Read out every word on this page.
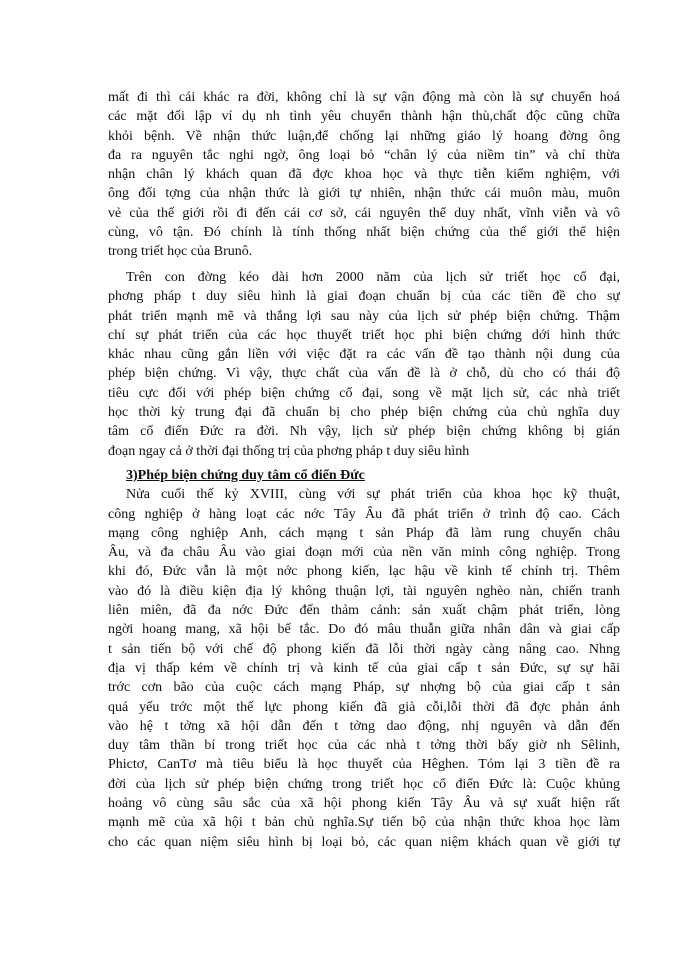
mất đi thì cái khác ra đời, không chỉ là sự vận động mà còn là sự chuyển hoá
các mặt đối lập ví dụ nh tình yêu chuyển thành hận thù,chất độc cũng chữa
khỏi bệnh. Về nhận thức luận,để chống lại những giáo lý hoang đờng ông
đa ra nguyên tắc nghi ngờ, ông loại bỏ “chân lý của niềm tin” và chỉ thừa
nhận chân lý khách quan đã đợc khoa học và thực tiễn kiểm nghiệm, với
ông đối tợng của nhận thức là giới tự nhiên, nhận thức cái muôn màu, muôn
vẻ của thế giới rồi đi đến cái cơ sở, cái nguyên thể duy nhất, vĩnh viễn và vô
cùng, vô tận. Đó chính là tính thống nhất biện chứng của thế giới thể hiện
trong triết học của Brunô.
Trên con đờng kéo dài hơn 2000 năm của lịch sử triết học cổ đại,
phơng pháp t duy siêu hình là giai đoạn chuẩn bị của các tiền đề cho sự
phát triển mạnh mẽ và thắng lợi sau này của lịch sử phép biện chứng. Thậm
chí sự phát triển của các học thuyết triết học phi biện chứng dới hình thức
khác nhau cũng gắn liền với việc đặt ra các vấn đề tạo thành nội dung của
phép biện chứng. Vì vậy, thực chất của vấn đề là ở chỗ, dù cho có thái độ
tiêu cực đối với phép biện chứng cổ đại, song về mặt lịch sử, các nhà triết
học thời kỳ trung đại đã chuẩn bị cho phép biện chứng của chủ nghĩa duy
tâm cổ điển Đức ra đời. Nh vậy, lịch sử phép biện chứng không bị gián
đoạn ngay cả ở thời đại thống trị của phơng pháp t duy siêu hình
3)Phép biện chứng duy tâm cổ điển Đức
Nửa cuối thế kỷ XVIII, cùng với sự phát triển của khoa học kỹ thuật,
công nghiệp ở hàng loạt các nớc Tây Âu đã phát triển ở trình độ cao. Cách
mạng công nghiệp Anh, cách mạng t sản Pháp đã làm rung chuyển châu
Âu, và đa châu Âu vào giai đoạn mới của nền văn minh công nghiệp. Trong
khi đó, Đức vẫn là một nớc phong kiến, lạc hậu về kinh tế chính trị. Thêm
vào đó là điều kiện địa lý không thuận lợi, tài nguyên nghèo nàn, chiến tranh
liên miên, đã đa nớc Đức đến thảm cảnh: sản xuất chậm phát triển, lòng
ngời hoang mang, xã hội bế tắc. Do đó mâu thuẫn giữa nhân dân và giai cấp
t sản tiến bộ với chế độ phong kiến đã lỗi thời ngày càng nâng cao. Nhng
địa vị thấp kém về chính trị và kinh tế của giai cấp t sản Đức, sự sự hãi
trớc cơn bão của cuộc cách mạng Pháp, sự nhợng bộ của giai cấp t sản
quá yếu trớc một thế lực phong kiến đã già cỗi,lỗi thời đã đợc phản ánh
vào hệ t tởng xã hội dẫn đến t tởng dao động, nhị nguyên và dẫn đến
duy tâm thần bí trong triết học của các nhà t tởng thời bấy giờ nh Sêlinh,
Phictơ, CanTơ mà tiêu biểu là học thuyết của Hêghen. Tóm lại 3 tiền đề ra
đời của lịch sử phép biện chứng trong triết học cổ điển Đức là: Cuộc khủng
hoảng vô cùng sâu sắc của xã hội phong kiến Tây Âu và sự xuất hiện rất
mạnh mẽ của xã hội t bản chủ nghĩa.Sự tiến bộ của nhận thức khoa học làm
cho các quan niệm siêu hình bị loại bỏ, các quan niệm khách quan về giới tự
